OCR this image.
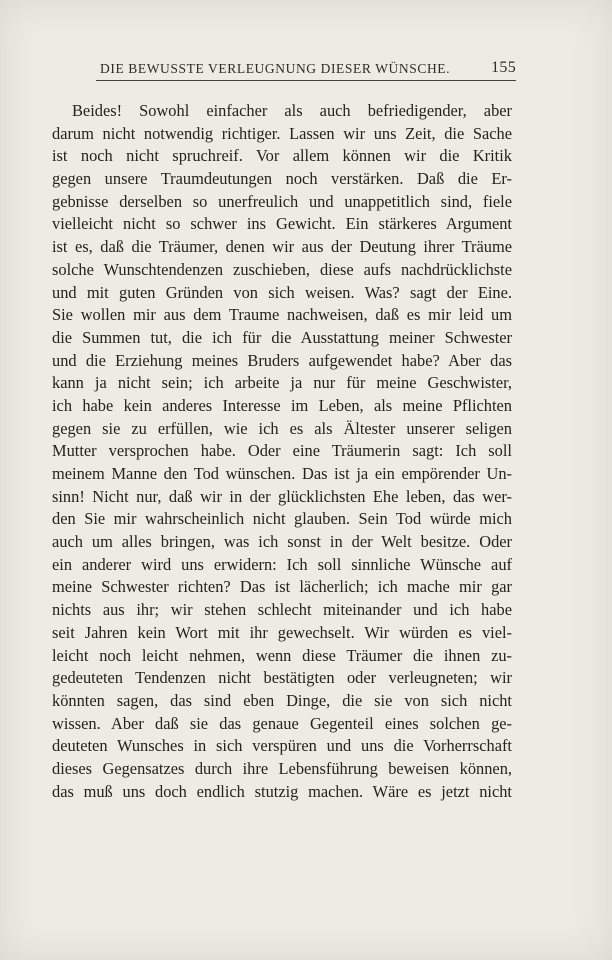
DIE BEWUSSTE VERLEUGNUNG DIESER WÜNSCHE.	155
Beides! Sowohl einfacher als auch befriedigender, aber
darum nicht notwendig richtiger. Lassen wir uns Zeit, die Sache
ist noch nicht spruchreif. Vor allem können wir die Kritik
gegen unsere Traumdeutungen noch verstärken. Daß die Er-
gebnisse derselben so unerfreulich und unappetitlich sind, fiele
vielleicht nicht so schwer ins Gewicht. Ein stärkeres Argument
ist es, daß die Träumer, denen wir aus der Deutung ihrer Träume
solche Wunschtendenzen zuschieben, diese aufs nachdrücklichste
und mit guten Gründen von sich weisen. Was? sagt der Eine.
Sie wollen mir aus dem Traume nachweisen, daß es mir leid um
die Summen tut, die ich für die Ausstattung meiner Schwester
und die Erziehung meines Bruders aufgewendet habe? Aber das
kann ja nicht sein; ich arbeite ja nur für meine Geschwister,
ich habe kein anderes Interesse im Leben, als meine Pflichten
gegen sie zu erfüllen, wie ich es als Ältester unserer seligen
Mutter versprochen habe. Oder eine Träumerin sagt: Ich soll
meinem Manne den Tod wünschen. Das ist ja ein empörender Un-
sinn! Nicht nur, daß wir in der glücklichsten Ehe leben, das wer-
den Sie mir wahrscheinlich nicht glauben. Sein Tod würde mich
auch um alles bringen, was ich sonst in der Welt besitze. Oder
ein anderer wird uns erwidern: Ich soll sinnliche Wünsche auf
meine Schwester richten? Das ist lächerlich; ich mache mir gar
nichts aus ihr; wir stehen schlecht miteinander und ich habe
seit Jahren kein Wort mit ihr gewechselt. Wir würden es viel-
leicht noch leicht nehmen, wenn diese Träumer die ihnen zu-
gedeuteten Tendenzen nicht bestätigten oder verleugneten; wir
könnten sagen, das sind eben Dinge, die sie von sich nicht
wissen. Aber daß sie das genaue Gegenteil eines solchen ge-
deuteten Wunsches in sich verspüren und uns die Vorherrschaft
dieses Gegensatzes durch ihre Lebensführung beweisen können,
das muß uns doch endlich stutzig machen. Wäre es jetzt nicht
